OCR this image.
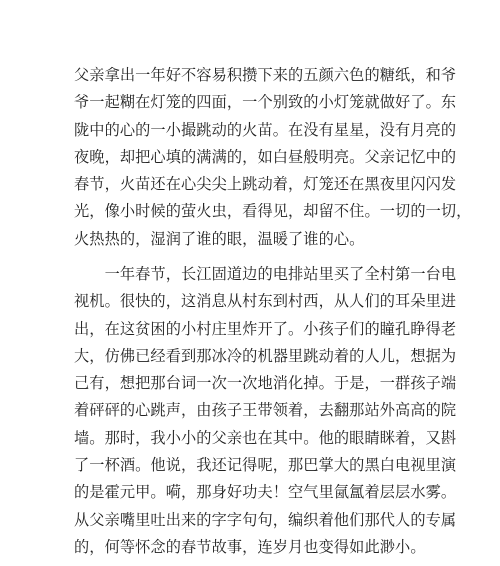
父亲拿出一年好不容易积攒下来的五颜六色的糖纸，和爷
爷一起糊在灯笼的四面，一个别致的小灯笼就做好了。东
陇中的心的一小撮跳动的火苗。在没有星星，没有月亮的
夜晚，却把心填的满满的，如白昼般明亮。父亲记忆中的
春节，火苗还在心尖尖上跳动着，灯笼还在黑夜里闪闪发
光，像小时候的萤火虫，看得见，却留不住。一切的一切，
火热热的，湿润了谁的眼，温暖了谁的心。
　　一年春节，长江固道边的电排站里买了全村第一台电
视机。很快的，这消息从村东到村西，从人们的耳朵里进
出，在这贫困的小村庄里炸开了。小孩子们的瞳孔睁得老
大，仿佛已经看到那冰冷的机器里跳动着的人儿，想据为
己有，想把那台词一次一次地消化掉。于是，一群孩子端
着砰砰的心跳声，由孩子王带领着，去翻那站外高高的院
墙。那时，我小小的父亲也在其中。他的眼睛眯着，又斟
了一杯酒。他说，我还记得呢，那巴掌大的黑白电视里演
的是霍元甲。嗬，那身好功夫！空气里氤氲着层层水雾。
从父亲嘴里吐出来的字字句句，编织着他们那代人的专属
的，何等怀念的春节故事，连岁月也变得如此渺小。
